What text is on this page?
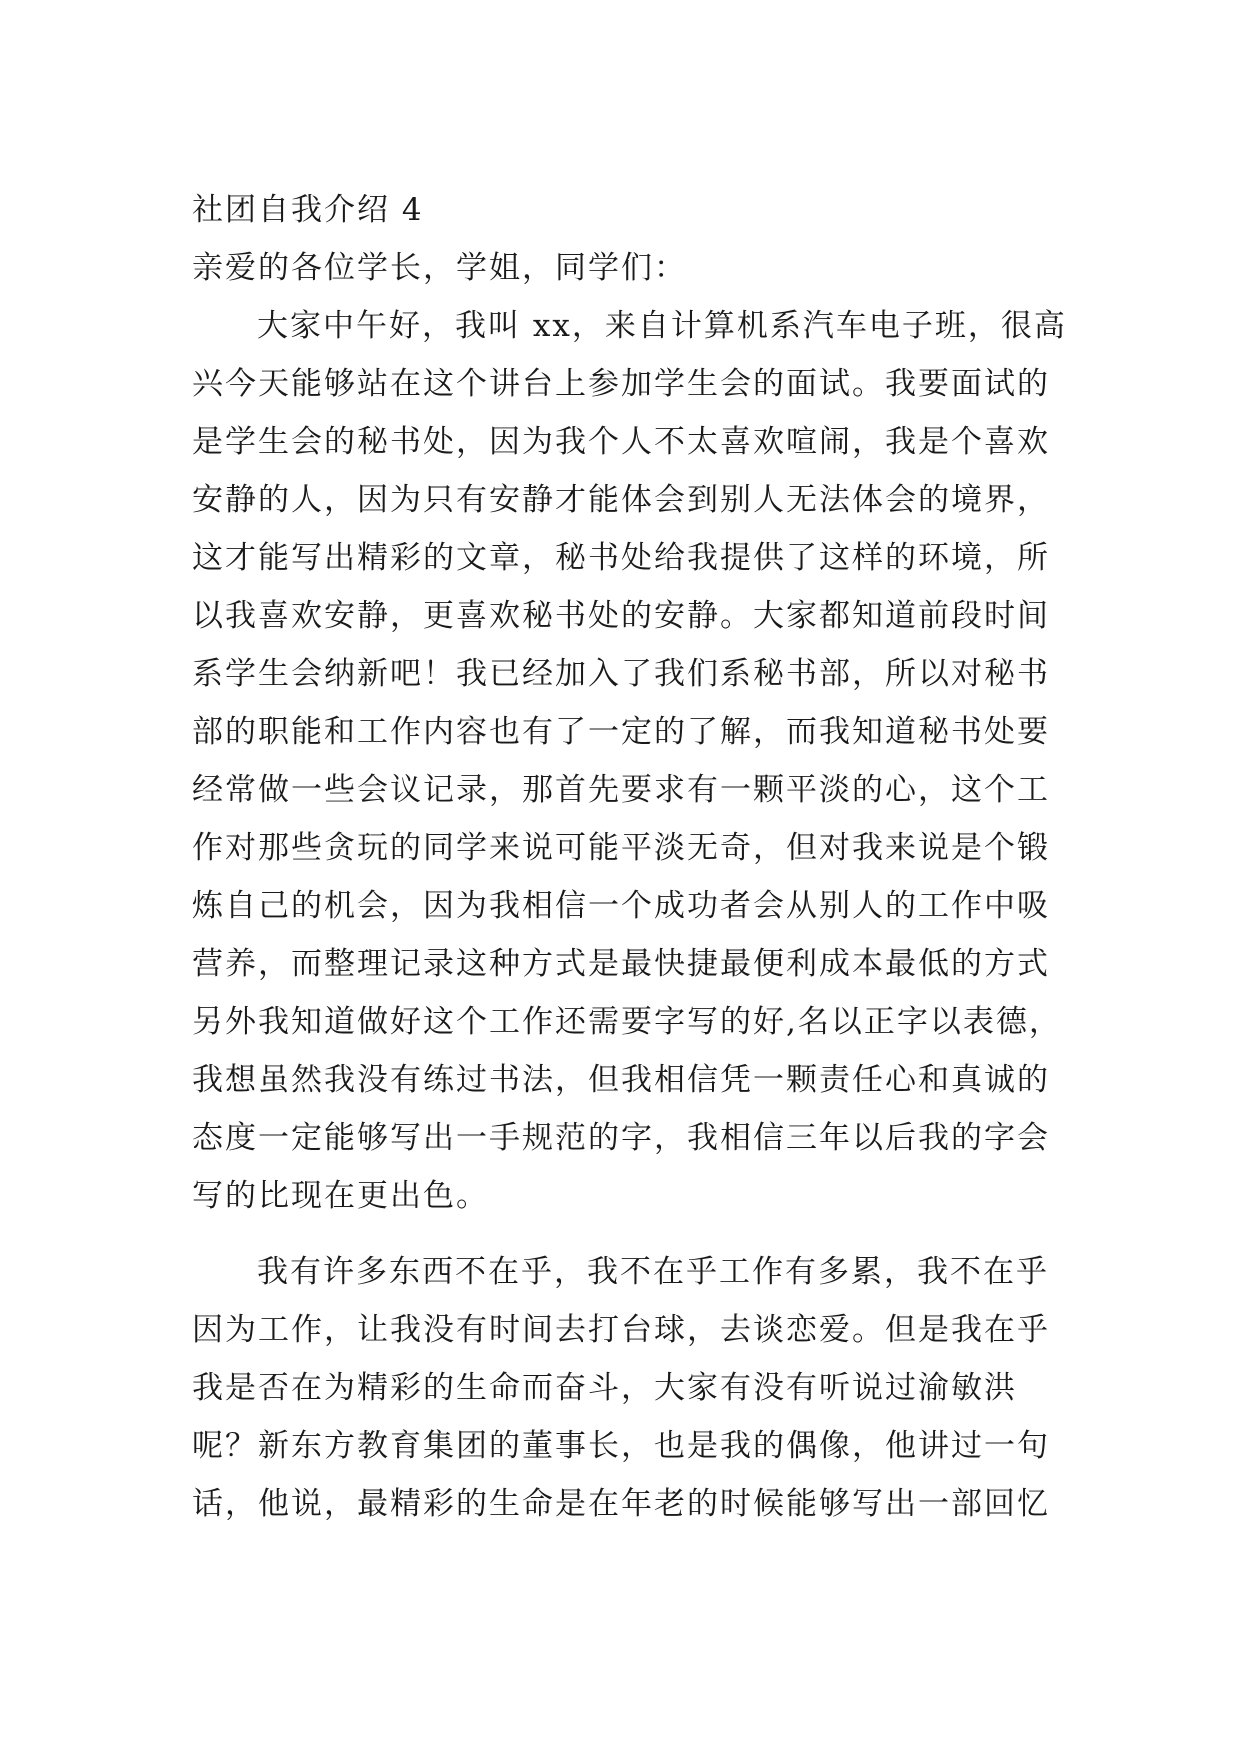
社团自我介绍 4
亲爱的各位学长，学姐，同学们：
大家中午好，我叫 xx，来自计算机系汽车电子班，很高
兴今天能够站在这个讲台上参加学生会的面试。我要面试的
是学生会的秘书处，因为我个人不太喜欢喧闹，我是个喜欢
安静的人，因为只有安静才能体会到别人无法体会的境界，
这才能写出精彩的文章，秘书处给我提供了这样的环境，所
以我喜欢安静，更喜欢秘书处的安静。大家都知道前段时间
系学生会纳新吧！我已经加入了我们系秘书部，所以对秘书
部的职能和工作内容也有了一定的了解，而我知道秘书处要
经常做一些会议记录，那首先要求有一颗平淡的心，这个工
作对那些贪玩的同学来说可能平淡无奇，但对我来说是个锻
炼自己的机会，因为我相信一个成功者会从别人的工作中吸
营养，而整理记录这种方式是最快捷最便利成本最低的方式
另外我知道做好这个工作还需要字写的好,名以正字以表德，
我想虽然我没有练过书法，但我相信凭一颗责任心和真诚的
态度一定能够写出一手规范的字，我相信三年以后我的字会
写的比现在更出色。
我有许多东西不在乎，我不在乎工作有多累，我不在乎
因为工作，让我没有时间去打台球，去谈恋爱。但是我在乎
我是否在为精彩的生命而奋斗，大家有没有听说过渝敏洪
呢？新东方教育集团的董事长，也是我的偶像，他讲过一句
话，他说，最精彩的生命是在年老的时候能够写出一部回忆
